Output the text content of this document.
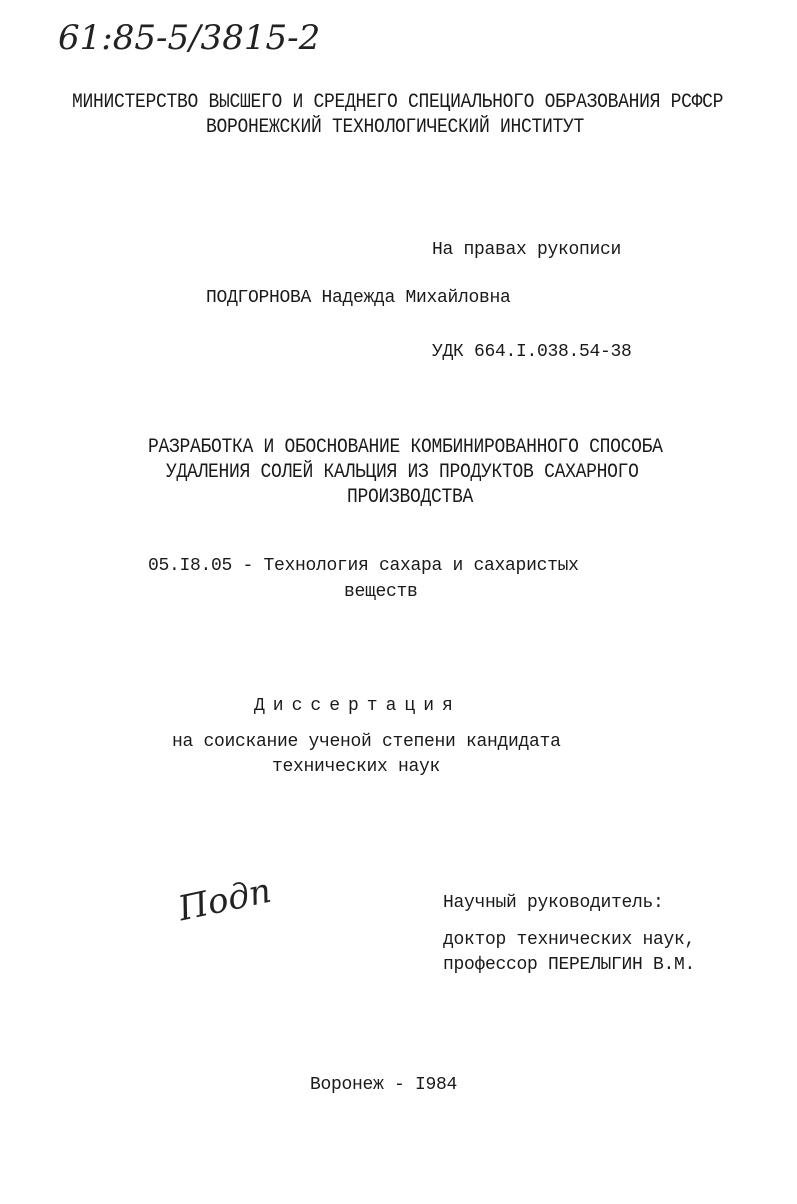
61:85-5/3815-2
МИНИСТЕРСТВО ВЫСШЕГО И СРЕДНЕГО СПЕЦИАЛЬНОГО ОБРАЗОВАНИЯ РСФСР
ВОРОНЕЖСКИЙ ТЕХНОЛОГИЧЕСКИЙ ИНСТИТУТ
На правах рукописи
ПОДГОРНОВА Надежда Михайловна
УДК 664.I.038.54-38
РАЗРАБОТКА И ОБОСНОВАНИЕ КОМБИНИРОВАННОГО СПОСОБА
УДАЛЕНИЯ СОЛЕЙ КАЛЬЦИЯ ИЗ ПРОДУКТОВ САХАРНОГО
ПРОИЗВОДСТВА
05.I8.05 - Технология сахара и сахаристых
веществ
Диссертация
на соискание ученой степени кандидата
технических наук
Подп	Научный руководитель:
доктор технических наук,
профессор ПЕРЕЛЫГИН В.М.
Воронеж - I984
